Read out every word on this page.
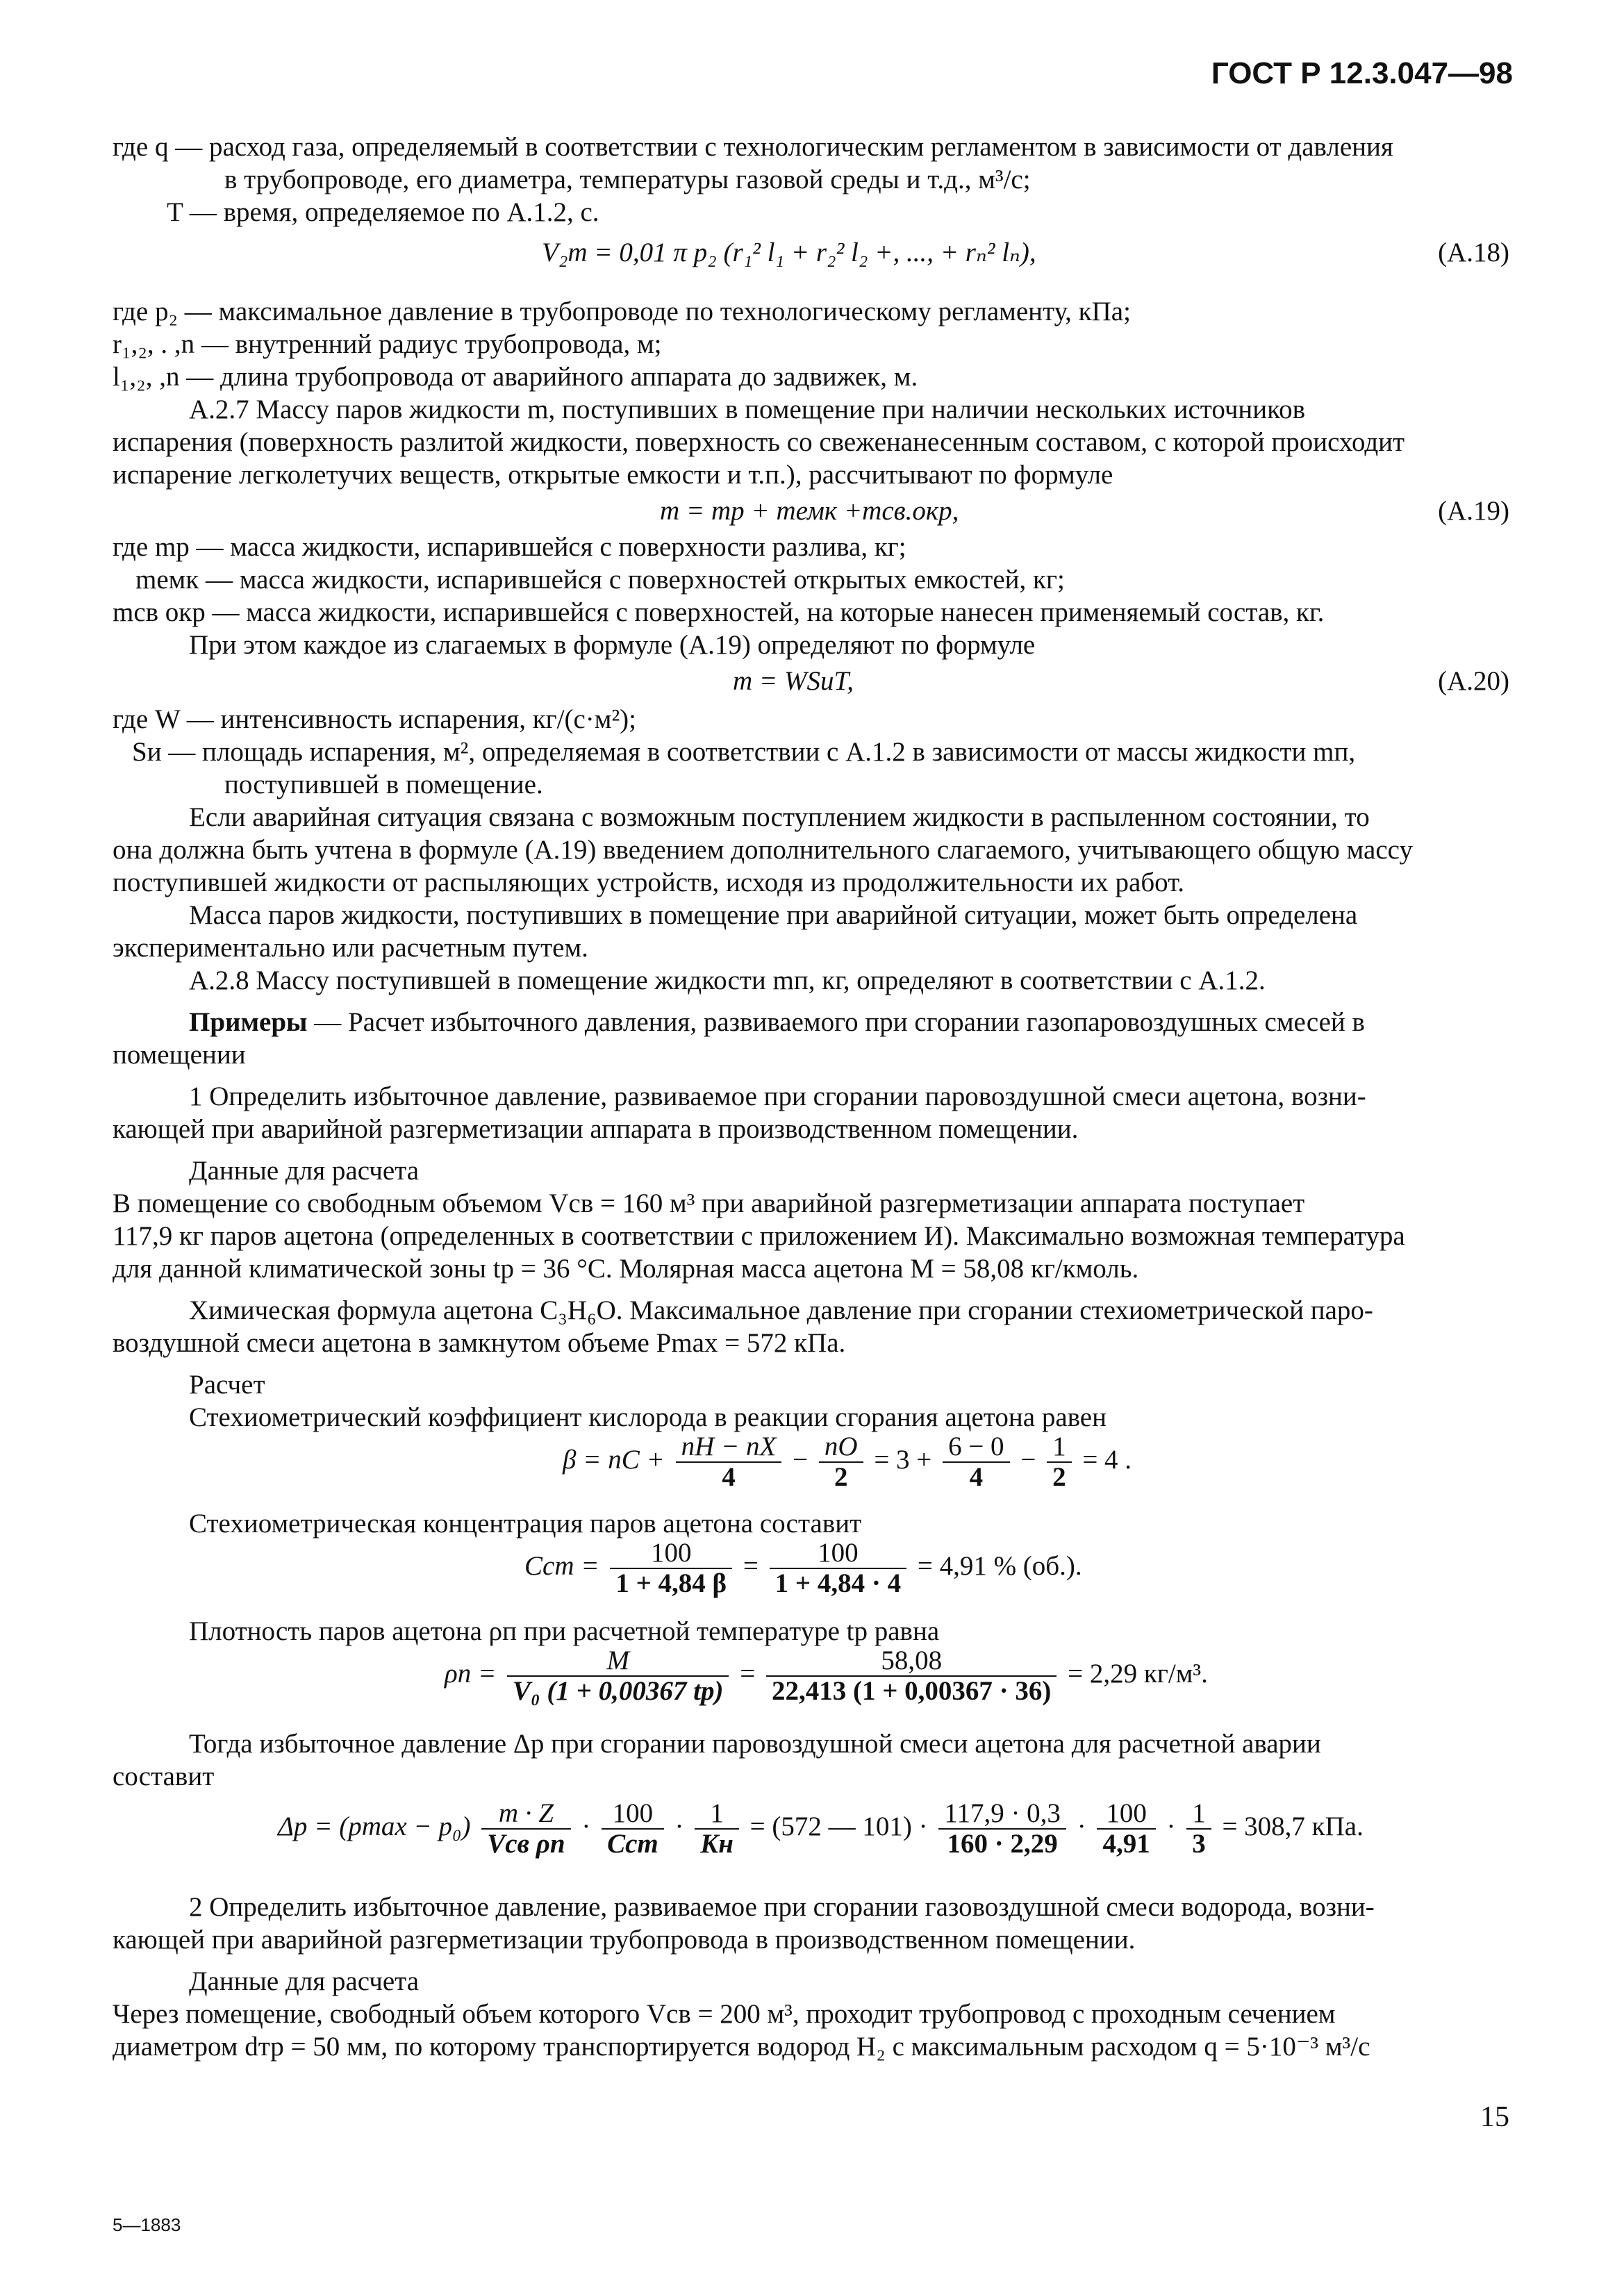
ГОСТ Р 12.3.047—98
где q — расход газа, определяемый в соответствии с технологическим регламентом в зависимости от давления
в трубопроводе, его диаметра, температуры газовой среды и т.д., м³/с;
T — время, определяемое по А.1.2, с.
V₂т = 0,01 π p₂ (r₁² l₁ + r₂² l₂ +, ..., + rₙ² lₙ),	(А.18)
где p₂ — максимальное давление в трубопроводе по технологическому регламенту, кПа;
r₁,₂, . ,n — внутренний радиус трубопровода, м;
l₁,₂, ,n — длина трубопровода от аварийного аппарата до задвижек, м.
А.2.7 Массу паров жидкости m, поступивших в помещение при наличии нескольких источников
испарения (поверхность разлитой жидкости, поверхность со свеженанесенным составом, с которой происходит
испарение легколетучих веществ, открытые емкости и т.п.), рассчитывают по формуле
m = mр + mемк +mсв.окр,	(А.19)
где mр — масса жидкости, испарившейся с поверхности разлива, кг;
mемк — масса жидкости, испарившейся с поверхностей открытых емкостей, кг;
mсв окр — масса жидкости, испарившейся с поверхностей, на которые нанесен применяемый состав, кг.
При этом каждое из слагаемых в формуле (А.19) определяют по формуле
m = WSиT,	(А.20)
где W — интенсивность испарения, кг/(с·м²);
Sи — площадь испарения, м², определяемая в соответствии с А.1.2 в зависимости от массы жидкости mп,
поступившей в помещение.
Если аварийная ситуация связана с возможным поступлением жидкости в распыленном состоянии, то
она должна быть учтена в формуле (А.19) введением дополнительного слагаемого, учитывающего общую массу
поступившей жидкости от распыляющих устройств, исходя из продолжительности их работ.
Масса паров жидкости, поступивших в помещение при аварийной ситуации, может быть определена
экспериментально или расчетным путем.
А.2.8 Массу поступившей в помещение жидкости mп, кг, определяют в соответствии с А.1.2.
Примеры — Расчет избыточного давления, развиваемого при сгорании газопаровоздушных смесей в
помещении
1 Определить избыточное давление, развиваемое при сгорании паровоздушной смеси ацетона, возни-
кающей при аварийной разгерметизации аппарата в производственном помещении.
Данные для расчета
В помещение со свободным объемом Vсв = 160 м³ при аварийной разгерметизации аппарата поступает
117,9 кг паров ацетона (определенных в соответствии с приложением И). Максимально возможная температура
для данной климатической зоны tр = 36 °С. Молярная масса ацетона M = 58,08 кг/кмоль.
Химическая формула ацетона C₃H₆O. Максимальное давление при сгорании стехиометрической паро-
воздушной смеси ацетона в замкнутом объеме Pmax = 572 кПа.
Расчет
Стехиометрический коэффициент кислорода в реакции сгорания ацетона равен
β = nC + $\frac{nH - nX}{4} - \frac{nO}{2} = 3 + \frac{6 - 0}{4} - \frac{1}{2} = 4$ .
Стехиометрическая концентрация паров ацетона составит
Cст = $\frac{100}{1 + 4,84 \beta} = \frac{100}{1 + 4,84 \cdot 4} = 4,91$ % (об.).
Плотность паров ацетона ρп при расчетной температуре tр равна
$\rho п = \frac{M}{\text{V₀ (1 + 0,00367 tр)}} = \frac{58,08}{22,413 (1 + 0,00367 \cdot 36)} = 2,29$ кг/м³.
Тогда избыточное давление Δp при сгорании паровоздушной смеси ацетона для расчетной аварии
составит
$\Delta p = (pmax - p_0) \frac{m \cdot Z}{\text{Vсв ρп}} \cdot \frac{100}{\text{Cст}} \cdot \frac{1}{Kн} = (572$ — $101) \cdot \frac{117,9 \cdot 0,3}{160 \cdot 2,29} \cdot \frac{100}{4,91} \cdot \frac{1}{3} = 308,7$ кПа.
2 Определить избыточное давление, развиваемое при сгорании газовоздушной смеси водорода, возни-
кающей при аварийной разгерметизации трубопровода в производственном помещении.
Данные для расчета
Через помещение, свободный объем которого Vсв = 200 м³, проходит трубопровод с проходным сечением
диаметром dтр = 50 мм, по которому транспортируется водород H₂ с максимальным расходом q = 5·10⁻³ м³/с
15
5—1883
